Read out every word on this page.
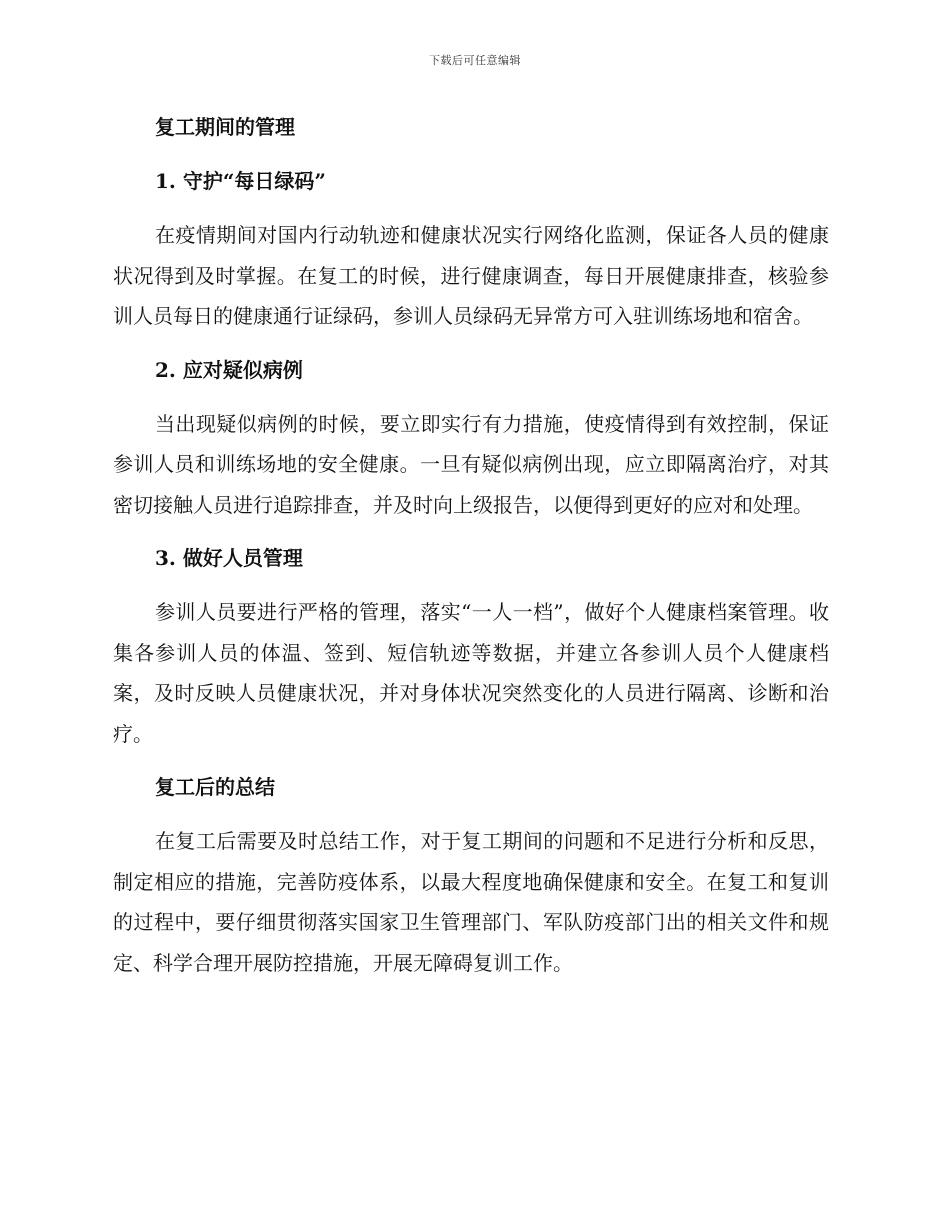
下载后可任意编辑
复工期间的管理
1. 守护“每日绿码”

在疫情期间对国内行动轨迹和健康状况实行网络化监测，保证各人员的健康状况得到及时掌握。在复工的时候，进行健康调查，每日开展健康排查，核验参训人员每日的健康通行证绿码，参训人员绿码无异常方可入驻训练场地和宿舍。

2. 应对疑似病例

当出现疑似病例的时候，要立即实行有力措施，使疫情得到有效控制，保证参训人员和训练场地的安全健康。一旦有疑似病例出现，应立即隔离治疗，对其密切接触人员进行追踪排查，并及时向上级报告，以便得到更好的应对和处理。

3. 做好人员管理

参训人员要进行严格的管理，落实“一人一档”，做好个人健康档案管理。收集各参训人员的体温、签到、短信轨迹等数据，并建立各参训人员个人健康档案，及时反映人员健康状况，并对身体状况突然变化的人员进行隔离、诊断和治疗。

复工后的总结

在复工后需要及时总结工作，对于复工期间的问题和不足进行分析和反思，制定相应的措施，完善防疫体系，以最大程度地确保健康和安全。在复工和复训的过程中，要仔细贯彻落实国家卫生管理部门、军队防疫部门出的相关文件和规定、科学合理开展防控措施，开展无障碍复训工作。
